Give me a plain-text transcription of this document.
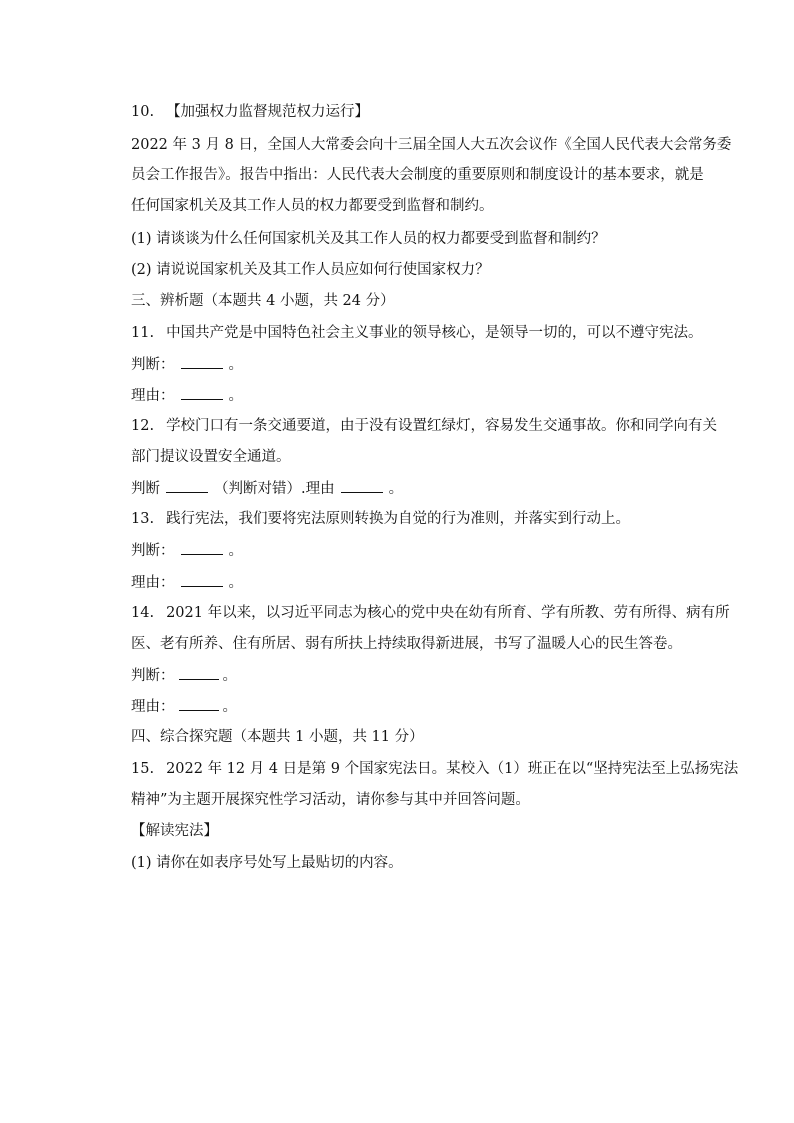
10. 【加强权力监督规范权力运行】
2022 年 3 月 8 日，全国人大常委会向十三届全国人大五次会议作《全国人民代表大会常务委
员会工作报告》。报告中指出：人民代表大会制度的重要原则和制度设计的基本要求，就是
任何国家机关及其工作人员的权力都要受到监督和制约。
(1) 请谈谈为什么任何国家机关及其工作人员的权力都要受到监督和制约？
(2) 请说说国家机关及其工作人员应如何行使国家权力？
三、辨析题（本题共 4 小题，共 24 分）
11. 中国共产党是中国特色社会主义事业的领导核心，是领导一切的，可以不遵守宪法。
判断：	。
理由：	。
12. 学校门口有一条交通要道，由于没有设置红绿灯，容易发生交通事故。你和同学向有关
部门提议设置安全通道。
判断	（判断对错）.理由	。
13. 践行宪法，我们要将宪法原则转换为自觉的行为准则，并落实到行动上。
判断：	。
理由：	。
14. 2021 年以来，以习近平同志为核心的党中央在幼有所育、学有所教、劳有所得、病有所
医、老有所养、住有所居、弱有所扶上持续取得新进展，书写了温暖人心的民生答卷。
判断：	。
理由：	。
四、综合探究题（本题共 1 小题，共 11 分）
15. 2022 年 12 月 4 日是第 9 个国家宪法日。某校入（1）班正在以“坚持宪法至上弘扬宪法
精神”为主题开展探究性学习活动，请你参与其中并回答问题。
【解读宪法】
(1) 请你在如表序号处写上最贴切的内容。
